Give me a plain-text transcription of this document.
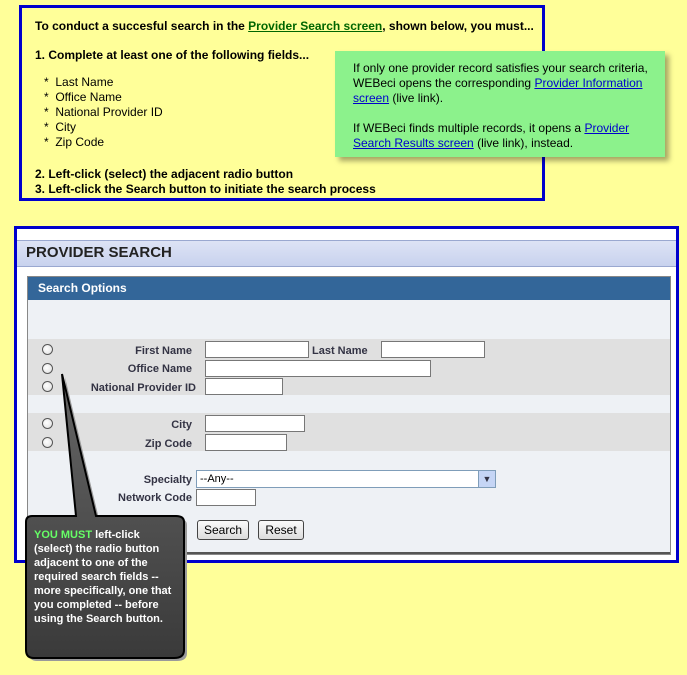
To conduct a succesful search in the Provider Search screen, shown below, you must...
1. Complete at least one of the following fields...
*  Last Name
*  Office Name
*  National Provider ID
*  City
*  Zip Code
2. Left-click (select) the adjacent radio button
3. Left-click the Search button to initiate the search process

If only one provider record satisfies your search criteria, WEBeci opens the corresponding Provider Information screen (live link).

If WEBeci finds multiple records, it opens a Provider Search Results screen (live link), instead.

PROVIDER SEARCH
Search Options
First Name	Last Name
Office Name
National Provider ID
City
Zip Code
Specialty --Any--	▼
Network Code
Search	Reset
YOU MUST left-click (select) the radio button adjacent to one of the required search fields -- more specifically, one that you completed -- before using the Search button.
